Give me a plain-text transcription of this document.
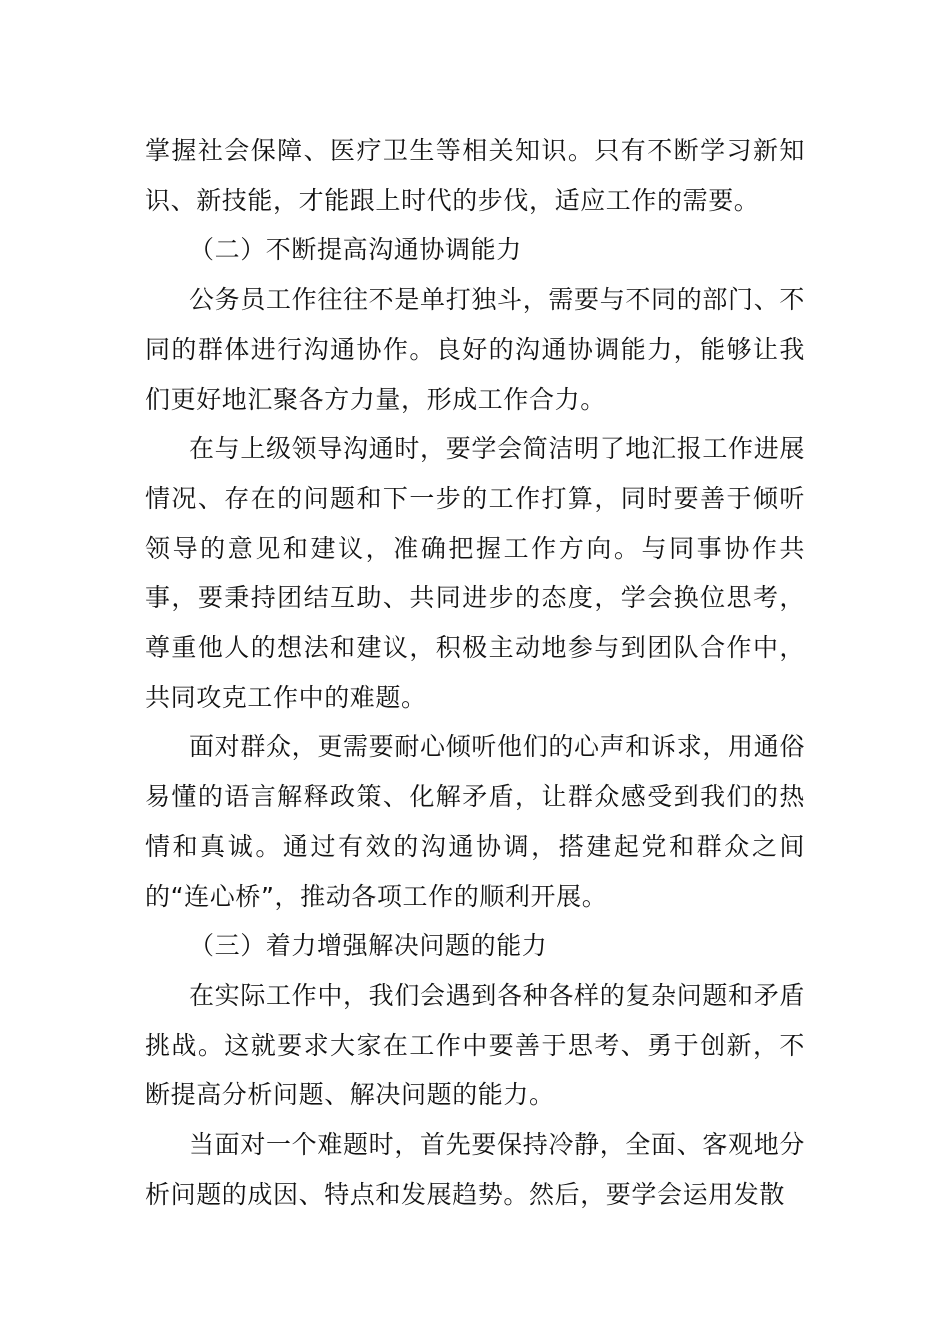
掌握社会保障、医疗卫生等相关知识。只有不断学习新知识、新技能，才能跟上时代的步伐，适应工作的需要。

（二）不断提高沟通协调能力

公务员工作往往不是单打独斗，需要与不同的部门、不同的群体进行沟通协作。良好的沟通协调能力，能够让我们更好地汇聚各方力量，形成工作合力。

在与上级领导沟通时，要学会简洁明了地汇报工作进展情况、存在的问题和下一步的工作打算，同时要善于倾听领导的意见和建议，准确把握工作方向。与同事协作共事，要秉持团结互助、共同进步的态度，学会换位思考，尊重他人的想法和建议，积极主动地参与到团队合作中，共同攻克工作中的难题。

面对群众，更需要耐心倾听他们的心声和诉求，用通俗易懂的语言解释政策、化解矛盾，让群众感受到我们的热情和真诚。通过有效的沟通协调，搭建起党和群众之间的“连心桥”，推动各项工作的顺利开展。

（三）着力增强解决问题的能力

在实际工作中，我们会遇到各种各样的复杂问题和矛盾挑战。这就要求大家在工作中要善于思考、勇于创新，不断提高分析问题、解决问题的能力。

当面对一个难题时，首先要保持冷静，全面、客观地分析问题的成因、特点和发展趋势。然后，要学会运用发散
